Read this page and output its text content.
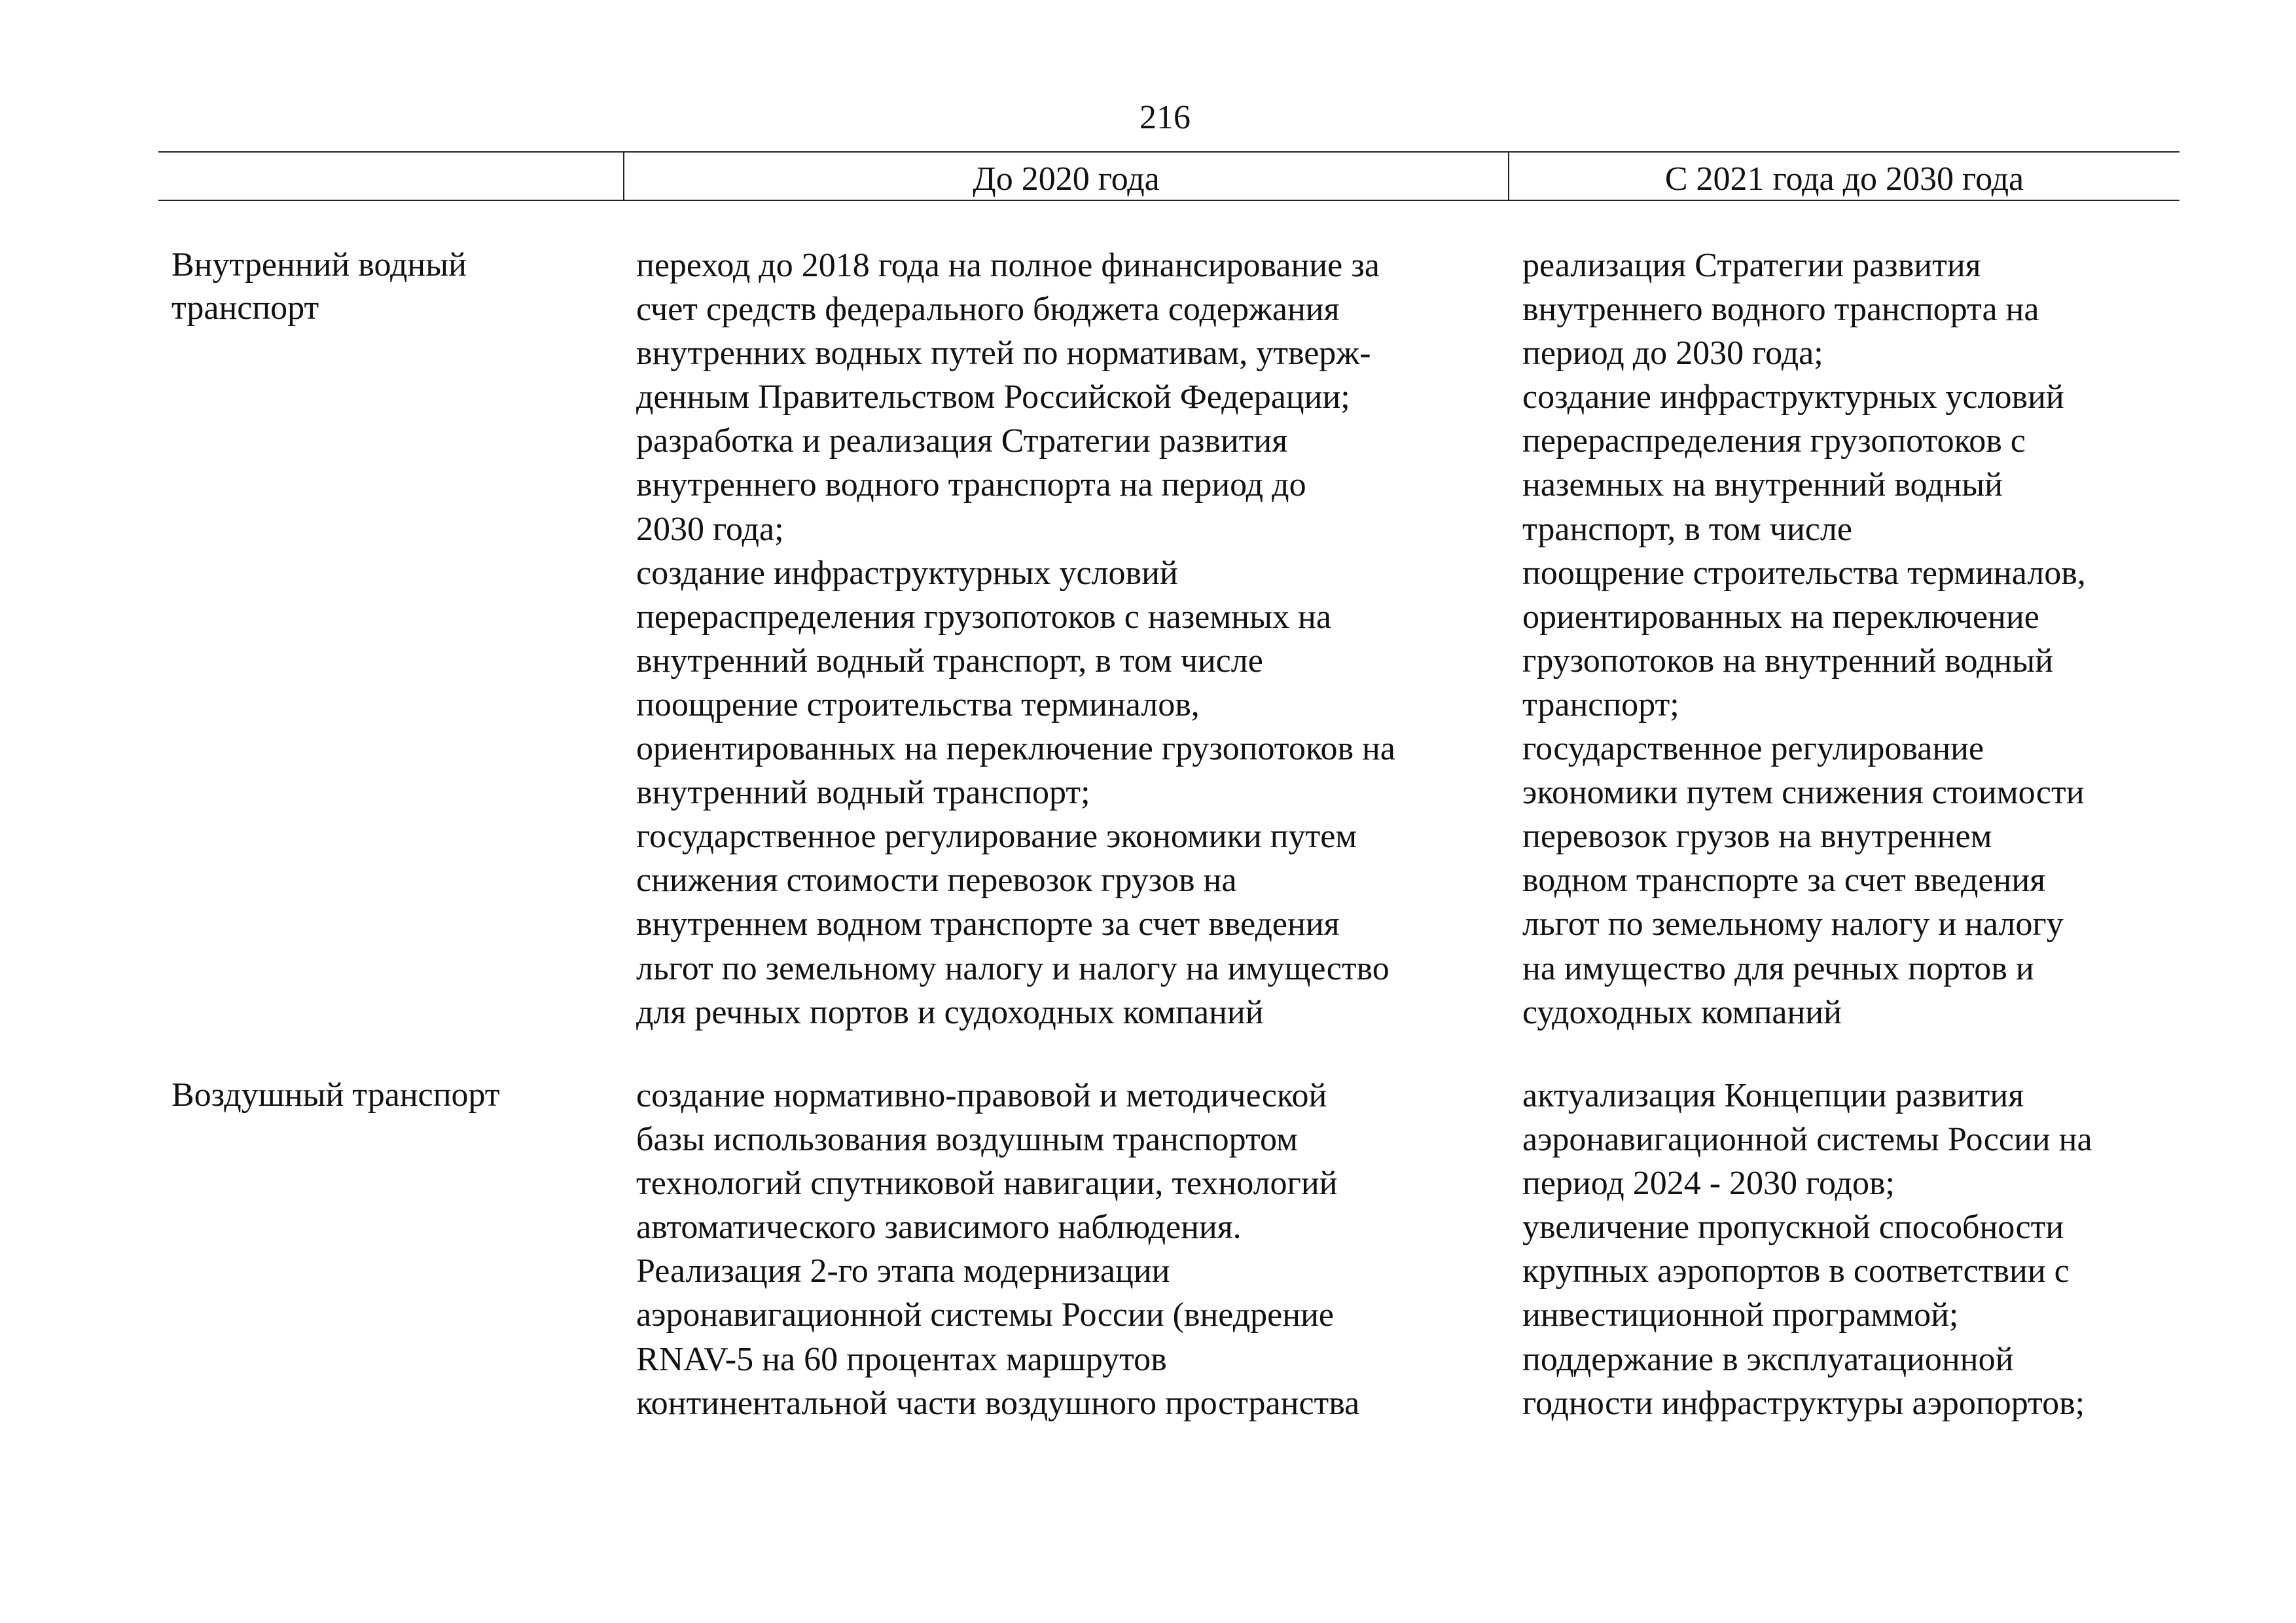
216
До 2020 года	С 2021 года до 2030 года
Внутренний водный
транспорт
переход до 2018 года на полное финансирование за
счет средств федерального бюджета содержания
внутренних водных путей по нормативам, утверж-
денным Правительством Российской Федерации;
разработка и реализация Стратегии развития
внутреннего водного транспорта на период до
2030 года;
создание инфраструктурных условий
перераспределения грузопотоков с наземных на
внутренний водный транспорт, в том числе
поощрение строительства терминалов,
ориентированных на переключение грузопотоков на
внутренний водный транспорт;
государственное регулирование экономики путем
снижения стоимости перевозок грузов на
внутреннем водном транспорте за счет введения
льгот по земельному налогу и налогу на имущество
для речных портов и судоходных компаний
реализация Стратегии развития
внутреннего водного транспорта на
период до 2030 года;
создание инфраструктурных условий
перераспределения грузопотоков с
наземных на внутренний водный
транспорт, в том числе
поощрение строительства терминалов,
ориентированных на переключение
грузопотоков на внутренний водный
транспорт;
государственное регулирование
экономики путем снижения стоимости
перевозок грузов на внутреннем
водном транспорте за счет введения
льгот по земельному налогу и налогу
на имущество для речных портов и
судоходных компаний
Воздушный транспорт	создание нормативно-правовой и методической
базы использования воздушным транспортом
технологий спутниковой навигации, технологий
автоматического зависимого наблюдения.
Реализация 2-го этапа модернизации
аэронавигационной системы России (внедрение
RNAV-5 на 60 процентах маршрутов
континентальной части воздушного пространства
актуализация Концепции развития
аэронавигационной системы России на
период 2024 - 2030 годов;
увеличение пропускной способности
крупных аэропортов в соответствии с
инвестиционной программой;
поддержание в эксплуатационной
годности инфраструктуры аэропортов;
